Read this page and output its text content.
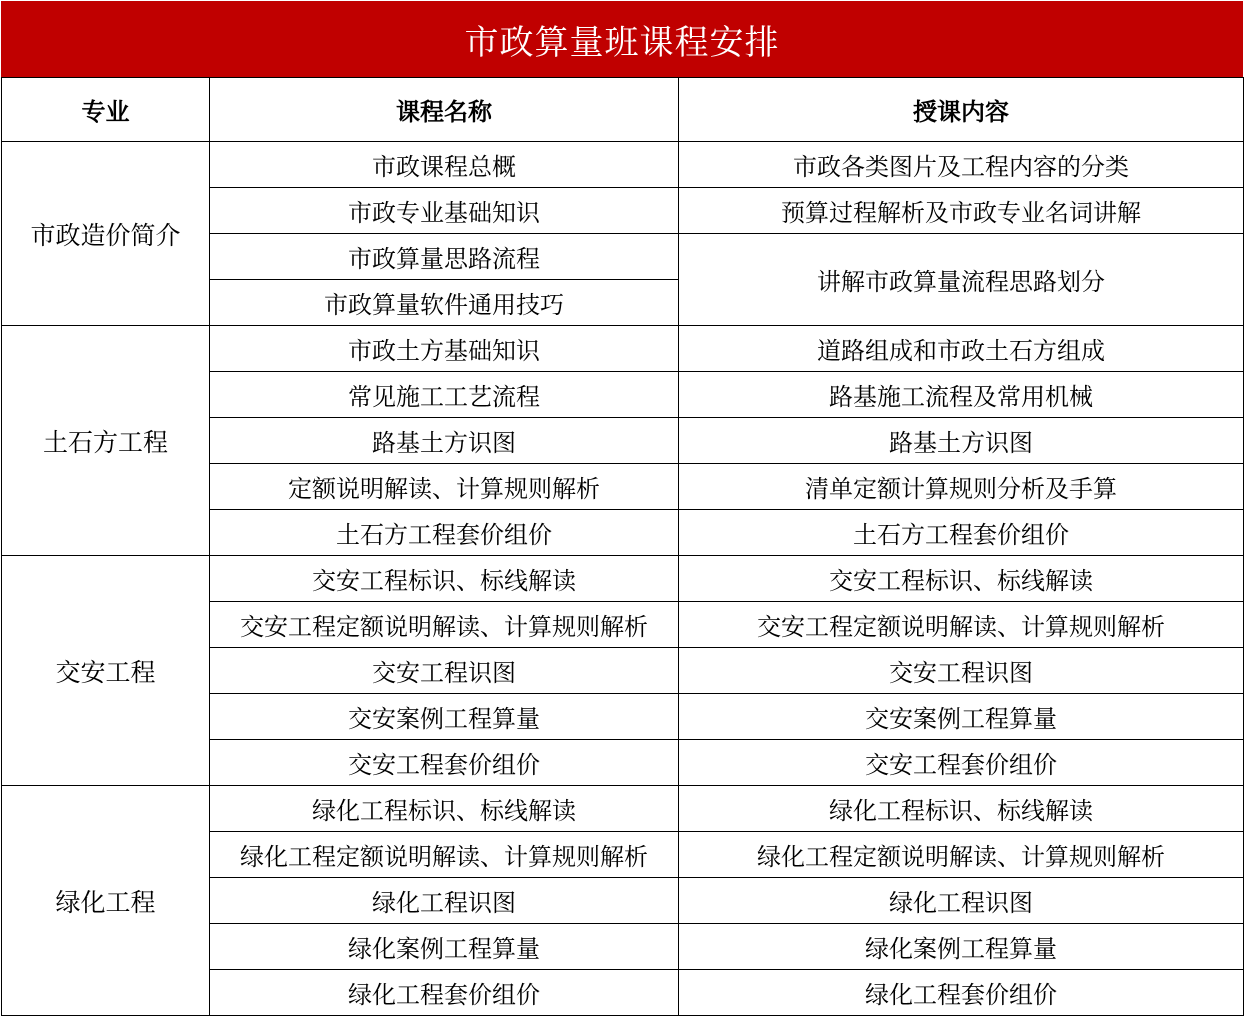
市政算量班课程安排
专业	课程名称	授课内容
市政造价简介	市政课程总概	市政各类图片及工程内容的分类
	市政专业基础知识	预算过程解析及市政专业名词讲解
	市政算量思路流程	讲解市政算量流程思路划分
	市政算量软件通用技巧	
土石方工程	市政土方基础知识	道路组成和市政土石方组成
	常见施工工艺流程	路基施工流程及常用机械
	路基土方识图	路基土方识图
	定额说明解读、计算规则解析	清单定额计算规则分析及手算
	土石方工程套价组价	土石方工程套价组价
交安工程	交安工程标识、标线解读	交安工程标识、标线解读
	交安工程定额说明解读、计算规则解析	交安工程定额说明解读、计算规则解析
	交安工程识图	交安工程识图
	交安案例工程算量	交安案例工程算量
	交安工程套价组价	交安工程套价组价
绿化工程	绿化工程标识、标线解读	绿化工程标识、标线解读
	绿化工程定额说明解读、计算规则解析	绿化工程定额说明解读、计算规则解析
	绿化工程识图	绿化工程识图
	绿化案例工程算量	绿化案例工程算量
	绿化工程套价组价	绿化工程套价组价
